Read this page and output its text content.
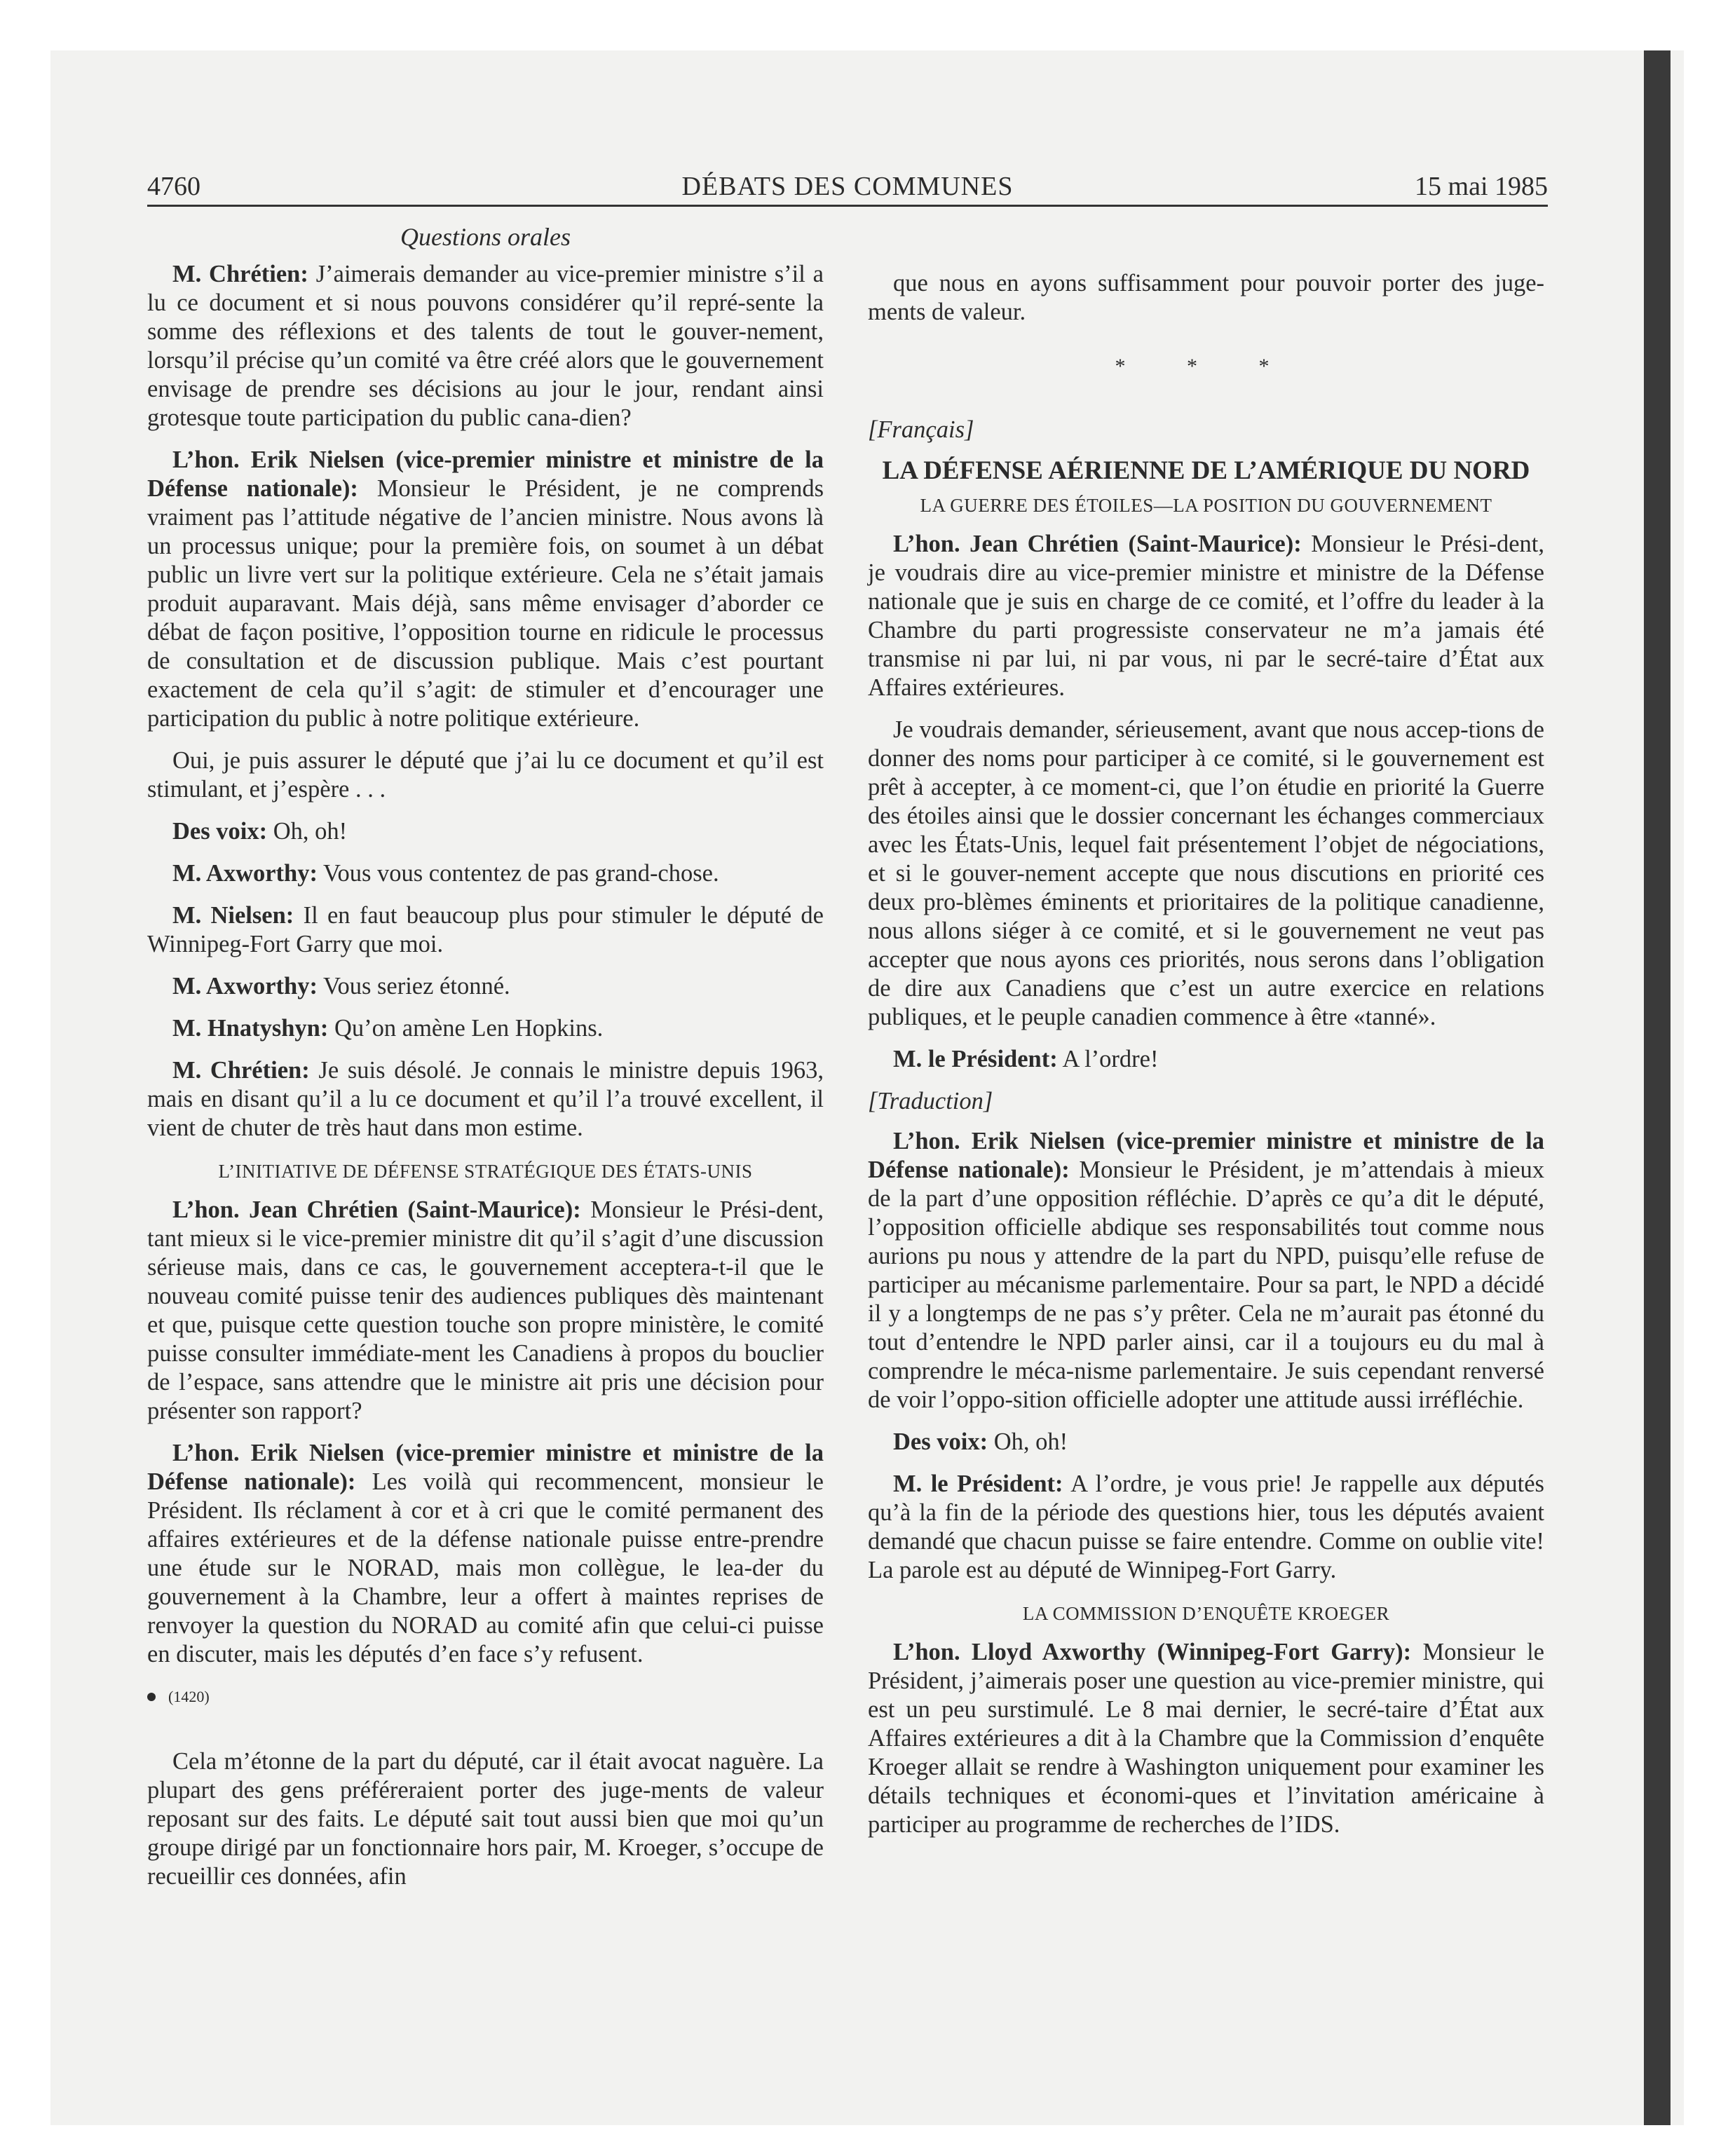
4760	DÉBATS DES COMMUNES	15 mai 1985
Questions orales

M. Chrétien: J’aimerais demander au vice-premier ministre s’il a lu ce document et si nous pouvons considérer qu’il repré-sente la somme des réflexions et des talents de tout le gouver-nement, lorsqu’il précise qu’un comité va être créé alors que le gouvernement envisage de prendre ses décisions au jour le jour, rendant ainsi grotesque toute participation du public cana-dien?

L’hon. Erik Nielsen (vice-premier ministre et ministre de la Défense nationale): Monsieur le Président, je ne comprends vraiment pas l’attitude négative de l’ancien ministre. Nous avons là un processus unique; pour la première fois, on soumet à un débat public un livre vert sur la politique extérieure. Cela ne s’était jamais produit auparavant. Mais déjà, sans même envisager d’aborder ce débat de façon positive, l’opposition tourne en ridicule le processus de consultation et de discussion publique. Mais c’est pourtant exactement de cela qu’il s’agit: de stimuler et d’encourager une participation du public à notre politique extérieure.

Oui, je puis assurer le député que j’ai lu ce document et qu’il est stimulant, et j’espère . . .

Des voix: Oh, oh!

M. Axworthy: Vous vous contentez de pas grand-chose.

M. Nielsen: Il en faut beaucoup plus pour stimuler le député de Winnipeg-Fort Garry que moi.

M. Axworthy: Vous seriez étonné.

M. Hnatyshyn: Qu’on amène Len Hopkins.

M. Chrétien: Je suis désolé. Je connais le ministre depuis 1963, mais en disant qu’il a lu ce document et qu’il l’a trouvé excellent, il vient de chuter de très haut dans mon estime.

L’INITIATIVE DE DÉFENSE STRATÉGIQUE DES ÉTATS-UNIS

L’hon. Jean Chrétien (Saint-Maurice): Monsieur le Prési-dent, tant mieux si le vice-premier ministre dit qu’il s’agit d’une discussion sérieuse mais, dans ce cas, le gouvernement acceptera-t-il que le nouveau comité puisse tenir des audiences publiques dès maintenant et que, puisque cette question touche son propre ministère, le comité puisse consulter immédiate-ment les Canadiens à propos du bouclier de l’espace, sans attendre que le ministre ait pris une décision pour présenter son rapport?

L’hon. Erik Nielsen (vice-premier ministre et ministre de la Défense nationale): Les voilà qui recommencent, monsieur le Président. Ils réclament à cor et à cri que le comité permanent des affaires extérieures et de la défense nationale puisse entre-prendre une étude sur le NORAD, mais mon collègue, le lea-der du gouvernement à la Chambre, leur a offert à maintes reprises de renvoyer la question du NORAD au comité afin que celui-ci puisse en discuter, mais les députés d’en face s’y refusent.

(1420)

Cela m’étonne de la part du député, car il était avocat naguère. La plupart des gens préféreraient porter des juge-ments de valeur reposant sur des faits. Le député sait tout aussi bien que moi qu’un groupe dirigé par un fonctionnaire hors pair, M. Kroeger, s’occupe de recueillir ces données, afin

que nous en ayons suffisamment pour pouvoir porter des juge-ments de valeur.

* * *
[Français]
LA DÉFENSE AÉRIENNE DE L’AMÉRIQUE DU NORD
LA GUERRE DES ÉTOILES—LA POSITION DU GOUVERNEMENT

L’hon. Jean Chrétien (Saint-Maurice): Monsieur le Prési-dent, je voudrais dire au vice-premier ministre et ministre de la Défense nationale que je suis en charge de ce comité, et l’offre du leader à la Chambre du parti progressiste conservateur ne m’a jamais été transmise ni par lui, ni par vous, ni par le secré-taire d’État aux Affaires extérieures.

Je voudrais demander, sérieusement, avant que nous accep-tions de donner des noms pour participer à ce comité, si le gouvernement est prêt à accepter, à ce moment-ci, que l’on étudie en priorité la Guerre des étoiles ainsi que le dossier concernant les échanges commerciaux avec les États-Unis, lequel fait présentement l’objet de négociations, et si le gouver-nement accepte que nous discutions en priorité ces deux pro-blèmes éminents et prioritaires de la politique canadienne, nous allons siéger à ce comité, et si le gouvernement ne veut pas accepter que nous ayons ces priorités, nous serons dans l’obligation de dire aux Canadiens que c’est un autre exercice en relations publiques, et le peuple canadien commence à être «tanné».

M. le Président: A l’ordre!

[Traduction]

L’hon. Erik Nielsen (vice-premier ministre et ministre de la Défense nationale): Monsieur le Président, je m’attendais à mieux de la part d’une opposition réfléchie. D’après ce qu’a dit le député, l’opposition officielle abdique ses responsabilités tout comme nous aurions pu nous y attendre de la part du NPD, puisqu’elle refuse de participer au mécanisme parlementaire. Pour sa part, le NPD a décidé il y a longtemps de ne pas s’y prêter. Cela ne m’aurait pas étonné du tout d’entendre le NPD parler ainsi, car il a toujours eu du mal à comprendre le méca-nisme parlementaire. Je suis cependant renversé de voir l’oppo-sition officielle adopter une attitude aussi irréfléchie.

Des voix: Oh, oh!

M. le Président: A l’ordre, je vous prie! Je rappelle aux députés qu’à la fin de la période des questions hier, tous les députés avaient demandé que chacun puisse se faire entendre. Comme on oublie vite! La parole est au député de Winnipeg-Fort Garry.

LA COMMISSION D’ENQUÊTE KROEGER

L’hon. Lloyd Axworthy (Winnipeg-Fort Garry): Monsieur le Président, j’aimerais poser une question au vice-premier ministre, qui est un peu surstimulé. Le 8 mai dernier, le secré-taire d’État aux Affaires extérieures a dit à la Chambre que la Commission d’enquête Kroeger allait se rendre à Washington uniquement pour examiner les détails techniques et économi-ques et l’invitation américaine à participer au programme de recherches de l’IDS.
